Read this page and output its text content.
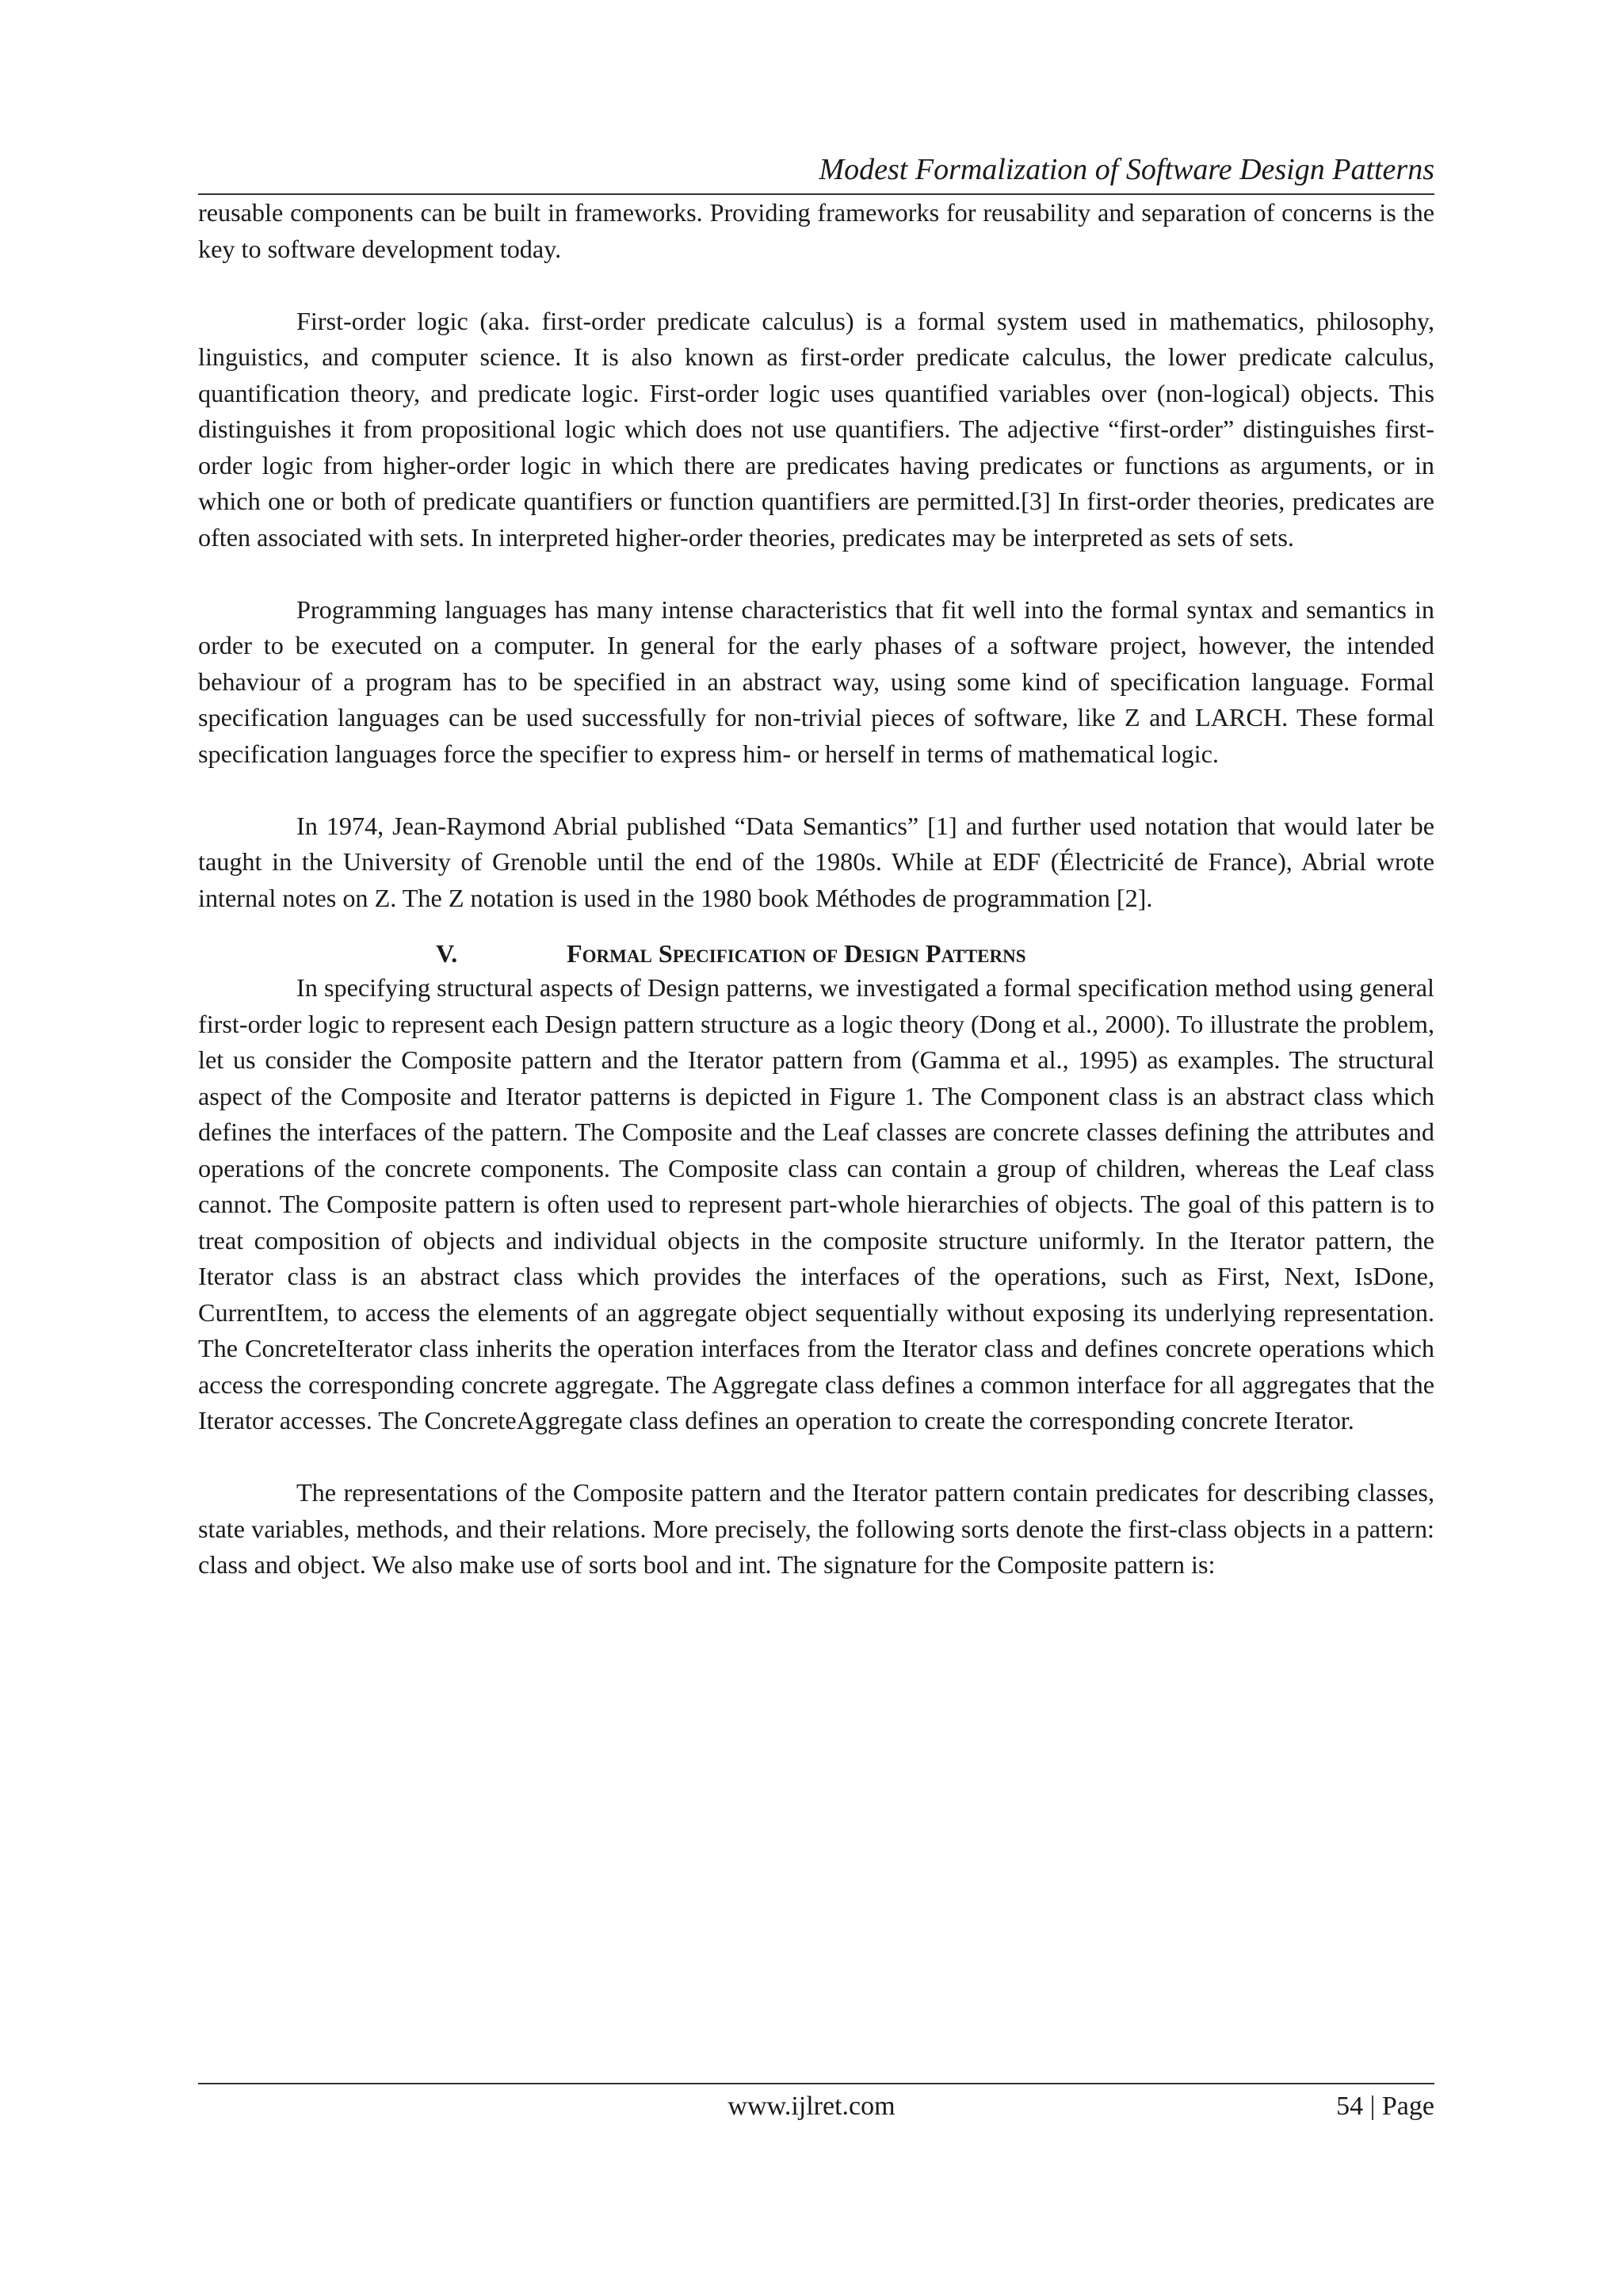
Modest Formalization of Software Design Patterns

reusable components can be built in frameworks. Providing frameworks for reusability and separation of concerns is the key to software development today.

First-order logic (aka. first-order predicate calculus) is a formal system used in mathematics, philosophy, linguistics, and computer science. It is also known as first-order predicate calculus, the lower predicate calculus, quantification theory, and predicate logic. First-order logic uses quantified variables over (non-logical) objects. This distinguishes it from propositional logic which does not use quantifiers. The adjective “first-order” distinguishes first-order logic from higher-order logic in which there are predicates having predicates or functions as arguments, or in which one or both of predicate quantifiers or function quantifiers are permitted.[3] In first-order theories, predicates are often associated with sets. In interpreted higher-order theories, predicates may be interpreted as sets of sets.

Programming languages has many intense characteristics that fit well into the formal syntax and semantics in order to be executed on a computer. In general for the early phases of a software project, however, the intended behaviour of a program has to be specified in an abstract way, using some kind of specification language. Formal specification languages can be used successfully for non-trivial pieces of software, like Z and LARCH. These formal specification languages force the specifier to express him- or herself in terms of mathematical logic.

In 1974, Jean-Raymond Abrial published “Data Semantics” [1] and further used notation that would later be taught in the University of Grenoble until the end of the 1980s. While at EDF (Électricité de France), Abrial wrote internal notes on Z. The Z notation is used in the 1980 book Méthodes de programmation [2].

V.	Formal Specification of Design Patterns

In specifying structural aspects of Design patterns, we investigated a formal specification method using general first-order logic to represent each Design pattern structure as a logic theory (Dong et al., 2000). To illustrate the problem, let us consider the Composite pattern and the Iterator pattern from (Gamma et al., 1995) as examples. The structural aspect of the Composite and Iterator patterns is depicted in Figure 1. The Component class is an abstract class which defines the interfaces of the pattern. The Composite and the Leaf classes are concrete classes defining the attributes and operations of the concrete components. The Composite class can contain a group of children, whereas the Leaf class cannot. The Composite pattern is often used to represent part-whole hierarchies of objects. The goal of this pattern is to treat composition of objects and individual objects in the composite structure uniformly. In the Iterator pattern, the Iterator class is an abstract class which provides the interfaces of the operations, such as First, Next, IsDone, CurrentItem, to access the elements of an aggregate object sequentially without exposing its underlying representation. The ConcreteIterator class inherits the operation interfaces from the Iterator class and defines concrete operations which access the corresponding concrete aggregate. The Aggregate class defines a common interface for all aggregates that the Iterator accesses. The ConcreteAggregate class defines an operation to create the corresponding concrete Iterator.

The representations of the Composite pattern and the Iterator pattern contain predicates for describing classes, state variables, methods, and their relations. More precisely, the following sorts denote the first-class objects in a pattern: class and object. We also make use of sorts bool and int. The signature for the Composite pattern is:

www.ijlret.com	54 | Page
